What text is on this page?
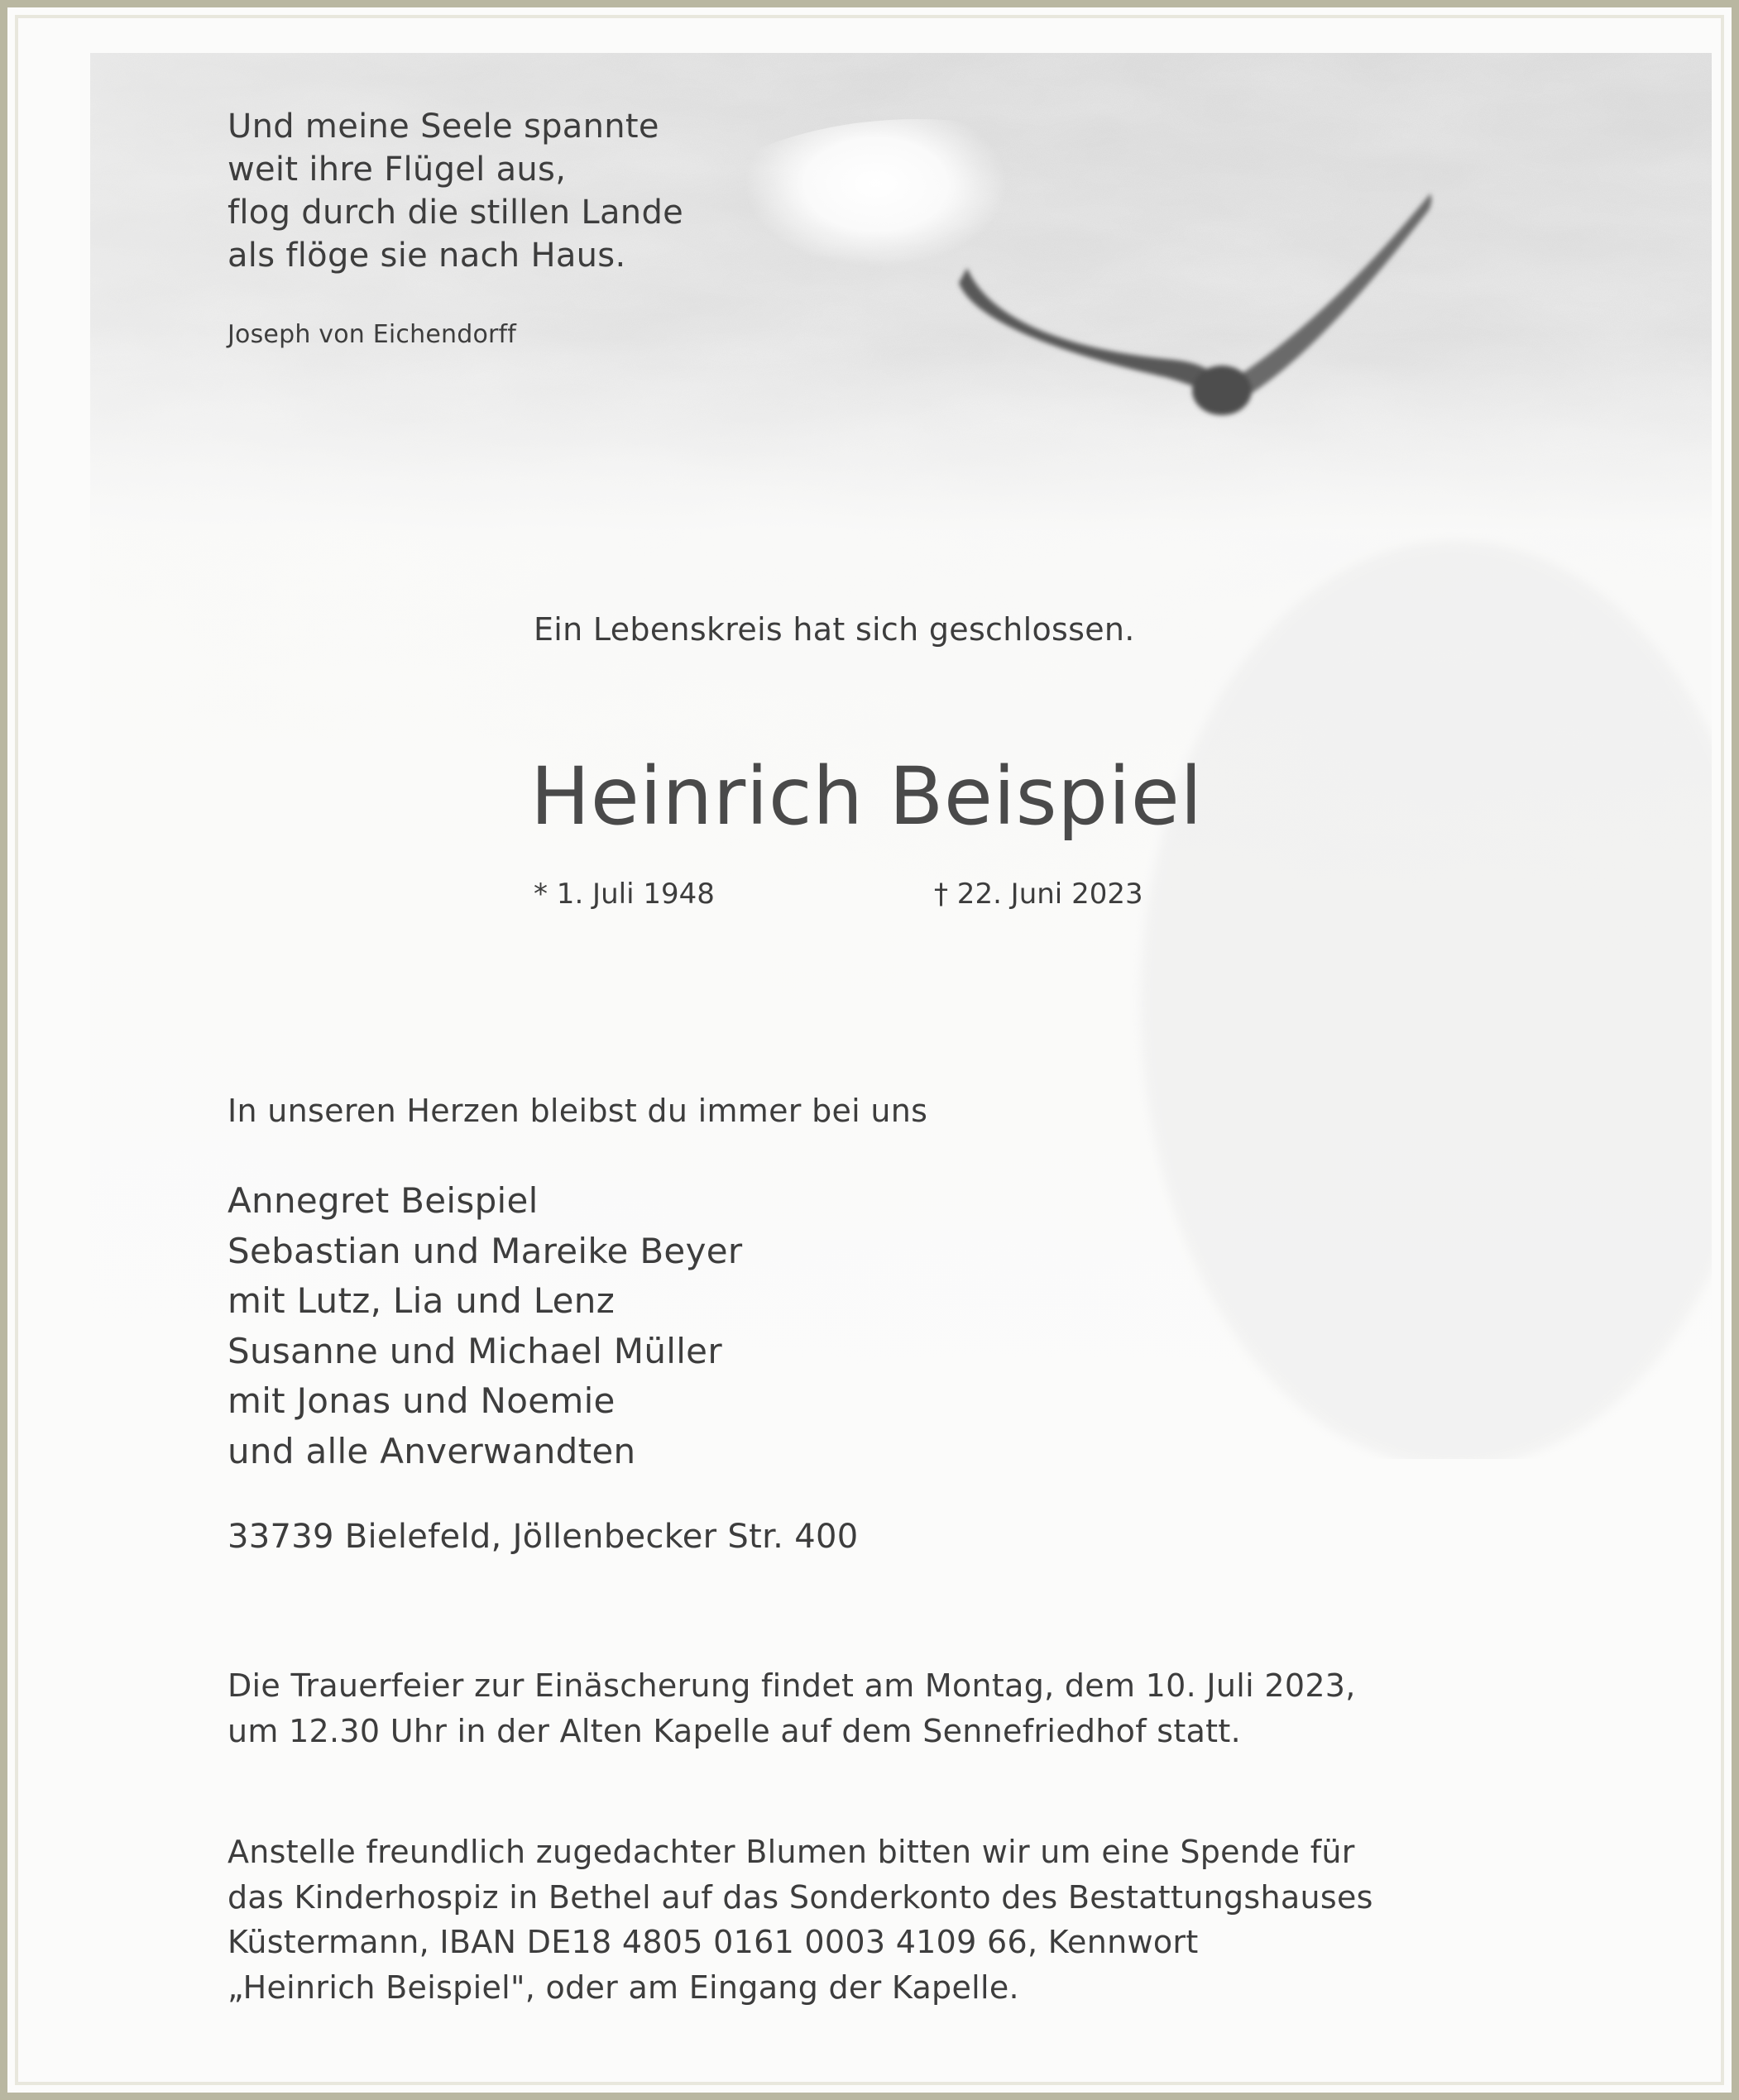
Und meine Seele spannte
weit ihre Flügel aus,
flog durch die stillen Lande
als flöge sie nach Haus.
Joseph von Eichendorff
Ein Lebenskreis hat sich geschlossen.
Heinrich Beispiel
* 1. Juli 1948	† 22. Juni 2023
In unseren Herzen bleibst du immer bei uns
Annegret Beispiel
Sebastian und Mareike Beyer
mit Lutz, Lia und Lenz
Susanne und Michael Müller
mit Jonas und Noemie
und alle Anverwandten
33739 Bielefeld, Jöllenbecker Str. 400
Die Trauerfeier zur Einäscherung findet am Montag, dem 10. Juli 2023,
um 12.30 Uhr in der Alten Kapelle auf dem Sennefriedhof statt.
Anstelle freundlich zugedachter Blumen bitten wir um eine Spende für
das Kinderhospiz in Bethel auf das Sonderkonto des Bestattungshauses
Küstermann, IBAN DE18 4805 0161 0003 4109 66, Kennwort
„Heinrich Beispiel", oder am Eingang der Kapelle.
